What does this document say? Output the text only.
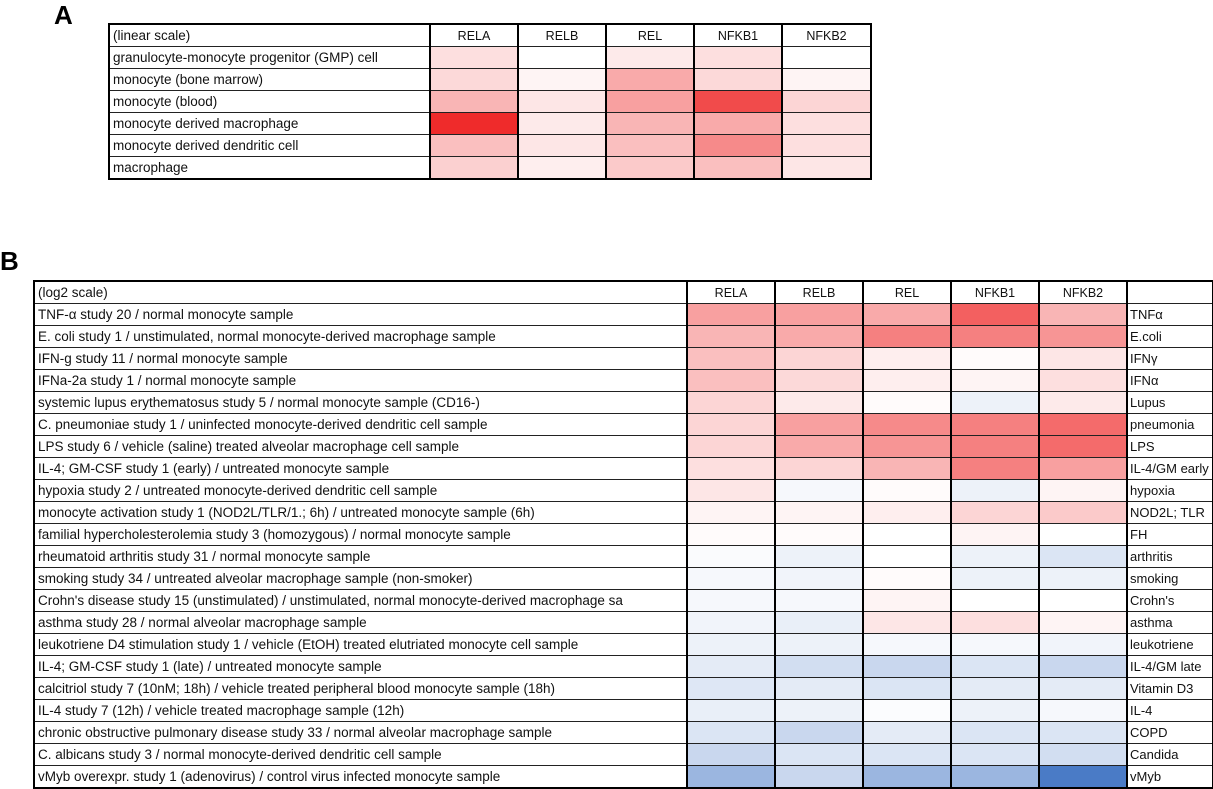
A
B
(linear scale)	RELA	RELB	REL	NFKB1	NFKB2
granulocyte-monocyte progenitor (GMP) cell					
monocyte (bone marrow)					
monocyte (blood)					
monocyte derived macrophage					
monocyte derived dendritic cell					
macrophage					
(log2 scale)	RELA	RELB	REL	NFKB1	NFKB2	
TNF-α study 20 / normal monocyte sample						TNFα
E. coli study 1 / unstimulated, normal monocyte-derived macrophage sample						E.coli
IFN-g study 11 / normal monocyte sample						IFNγ
IFNa-2a study 1 / normal monocyte sample						IFNα
systemic lupus erythematosus study 5 / normal monocyte sample (CD16-)						Lupus
C. pneumoniae study 1 / uninfected monocyte-derived dendritic cell sample						pneumonia
LPS study 6 / vehicle (saline) treated alveolar macrophage cell sample						LPS
IL-4; GM-CSF study 1 (early) / untreated monocyte sample						IL-4/GM early
hypoxia study 2 / untreated monocyte-derived dendritic cell sample						hypoxia
monocyte activation study 1 (NOD2L/TLR/1.; 6h) / untreated monocyte sample (6h)						NOD2L; TLR
familial hypercholesterolemia study 3 (homozygous) / normal monocyte sample						FH
rheumatoid arthritis study 31 / normal monocyte sample						arthritis
smoking study 34 / untreated alveolar macrophage sample (non-smoker)						smoking
Crohn's disease study 15 (unstimulated) / unstimulated, normal monocyte-derived macrophage sa						Crohn's
asthma study 28 / normal alveolar macrophage sample						asthma
leukotriene D4 stimulation study 1 / vehicle (EtOH) treated elutriated monocyte cell sample						leukotriene
IL-4; GM-CSF study 1 (late) / untreated monocyte sample						IL-4/GM late
calcitriol study 7 (10nM; 18h) / vehicle treated peripheral blood monocyte sample (18h)						Vitamin D3
IL-4 study 7 (12h) / vehicle treated macrophage sample (12h)						IL-4
chronic obstructive pulmonary disease study 33 / normal alveolar macrophage sample						COPD
C. albicans study 3 / normal monocyte-derived dendritic cell sample						Candida
vMyb overexpr. study 1 (adenovirus) / control virus infected monocyte sample						vMyb
